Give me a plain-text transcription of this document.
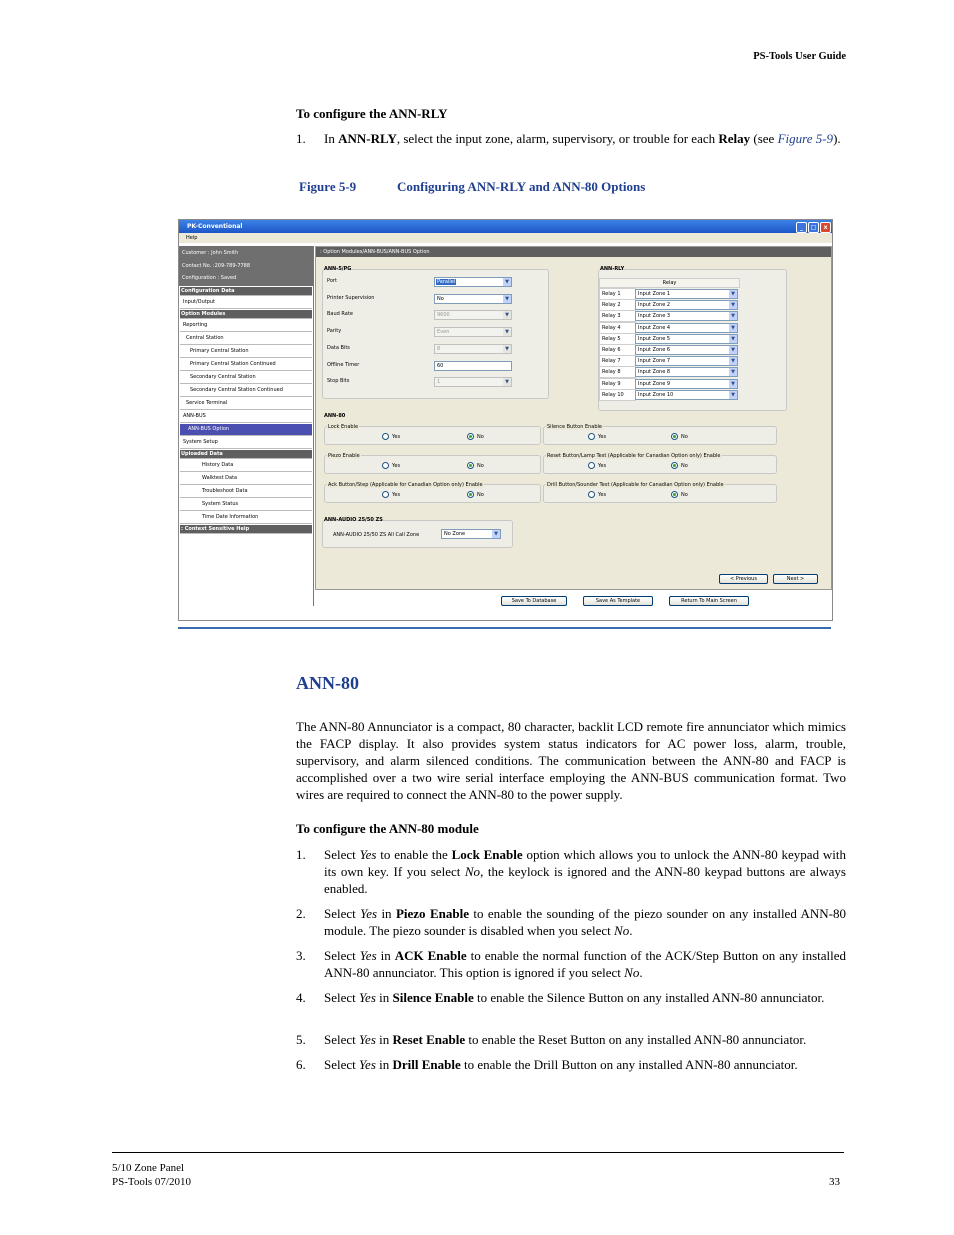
PS-Tools User Guide
To configure the ANN-RLY
1. In ANN-RLY, select the input zone, alarm, supervisory, or trouble for each Relay (see Figure 5-9).
Figure 5-9	Configuring ANN-RLY and ANN-80 Options
PK-Conventional	_	□	x
Help
Customer : John Smith
Contact No. :209-789-7788
Configuration : Saved
Configuration Data
Input/Output
Option Modules
Reporting
Central Station
Primary Central Station
Primary Central Station Continued
Secondary Central Station
Secondary Central Station Continued
Service Terminal
ANN-BUS
ANN-BUS Option
System Setup
Uploaded Data
History Data
Walktest Data
Troubleshoot Data
System Status
Time Date Information
: Context Sensitive Help
: Option Modules/ANN-BUS/ANN-BUS Option
ANN-5/PG
Port	Parallel	▼
Printer Supervision	No	▼
Baud Rate	9600	▼
Parity	Even	▼
Data Bits	8	▼
Offline Timer	60
Stop Bits	1	▼
ANN-RLY
Relay
Relay 1	Input Zone 1	▼
Relay 2	Input Zone 2	▼
Relay 3	Input Zone 3	▼
Relay 4	Input Zone 4	▼
Relay 5	Input Zone 5	▼
Relay 6	Input Zone 6	▼
Relay 7	Input Zone 7	▼
Relay 8	Input Zone 8	▼
Relay 9	Input Zone 9	▼
Relay 10	Input Zone 10	▼
ANN-80
Lock Enable
Yes	No
Silence Button Enable
Yes	No
Piezo Enable
Yes	No
Reset Button/Lamp Test (Applicable for Canadian Option only) Enable
Yes	No
Ack Button/Step (Applicable for Canadian Option only) Enable
Yes	No
Drill Button/Sounder Test (Applicable for Canadian Option only) Enable
Yes	No
ANN-AUDIO 25/50 ZS
ANN-AUDIO 25/50 ZS All Call Zone	No Zone	▼
< Previous	Next >
Save To Database	Save As Template	Return To Main Screen
ANN-80
The ANN-80 Annunciator is a compact, 80 character, backlit LCD remote fire annunciator which mimics the FACP display. It also provides system status indicators for AC power loss, alarm, trouble, supervisory, and alarm silenced conditions. The communication between the ANN-80 and FACP is accomplished over a two wire serial interface employing the ANN-BUS communication format. Two wires are required to connect the ANN-80 to the power supply.
To configure the ANN-80 module
1. Select Yes to enable the Lock Enable option which allows you to unlock the ANN-80 keypad with its own key. If you select No, the keylock is ignored and the ANN-80 keypad buttons are always enabled.
2. Select Yes in Piezo Enable to enable the sounding of the piezo sounder on any installed ANN-80 module. The piezo sounder is disabled when you select No.
3. Select Yes in ACK Enable to enable the normal function of the ACK/Step Button on any installed ANN-80 annunciator. This option is ignored if you select No.
4. Select Yes in Silence Enable to enable the Silence Button on any installed ANN-80 annunciator.
5. Select Yes in Reset Enable to enable the Reset Button on any installed ANN-80 annunciator.
6. Select Yes in Drill Enable to enable the Drill Button on any installed ANN-80 annunciator.
5/10 Zone Panel
PS-Tools 07/2010	33
